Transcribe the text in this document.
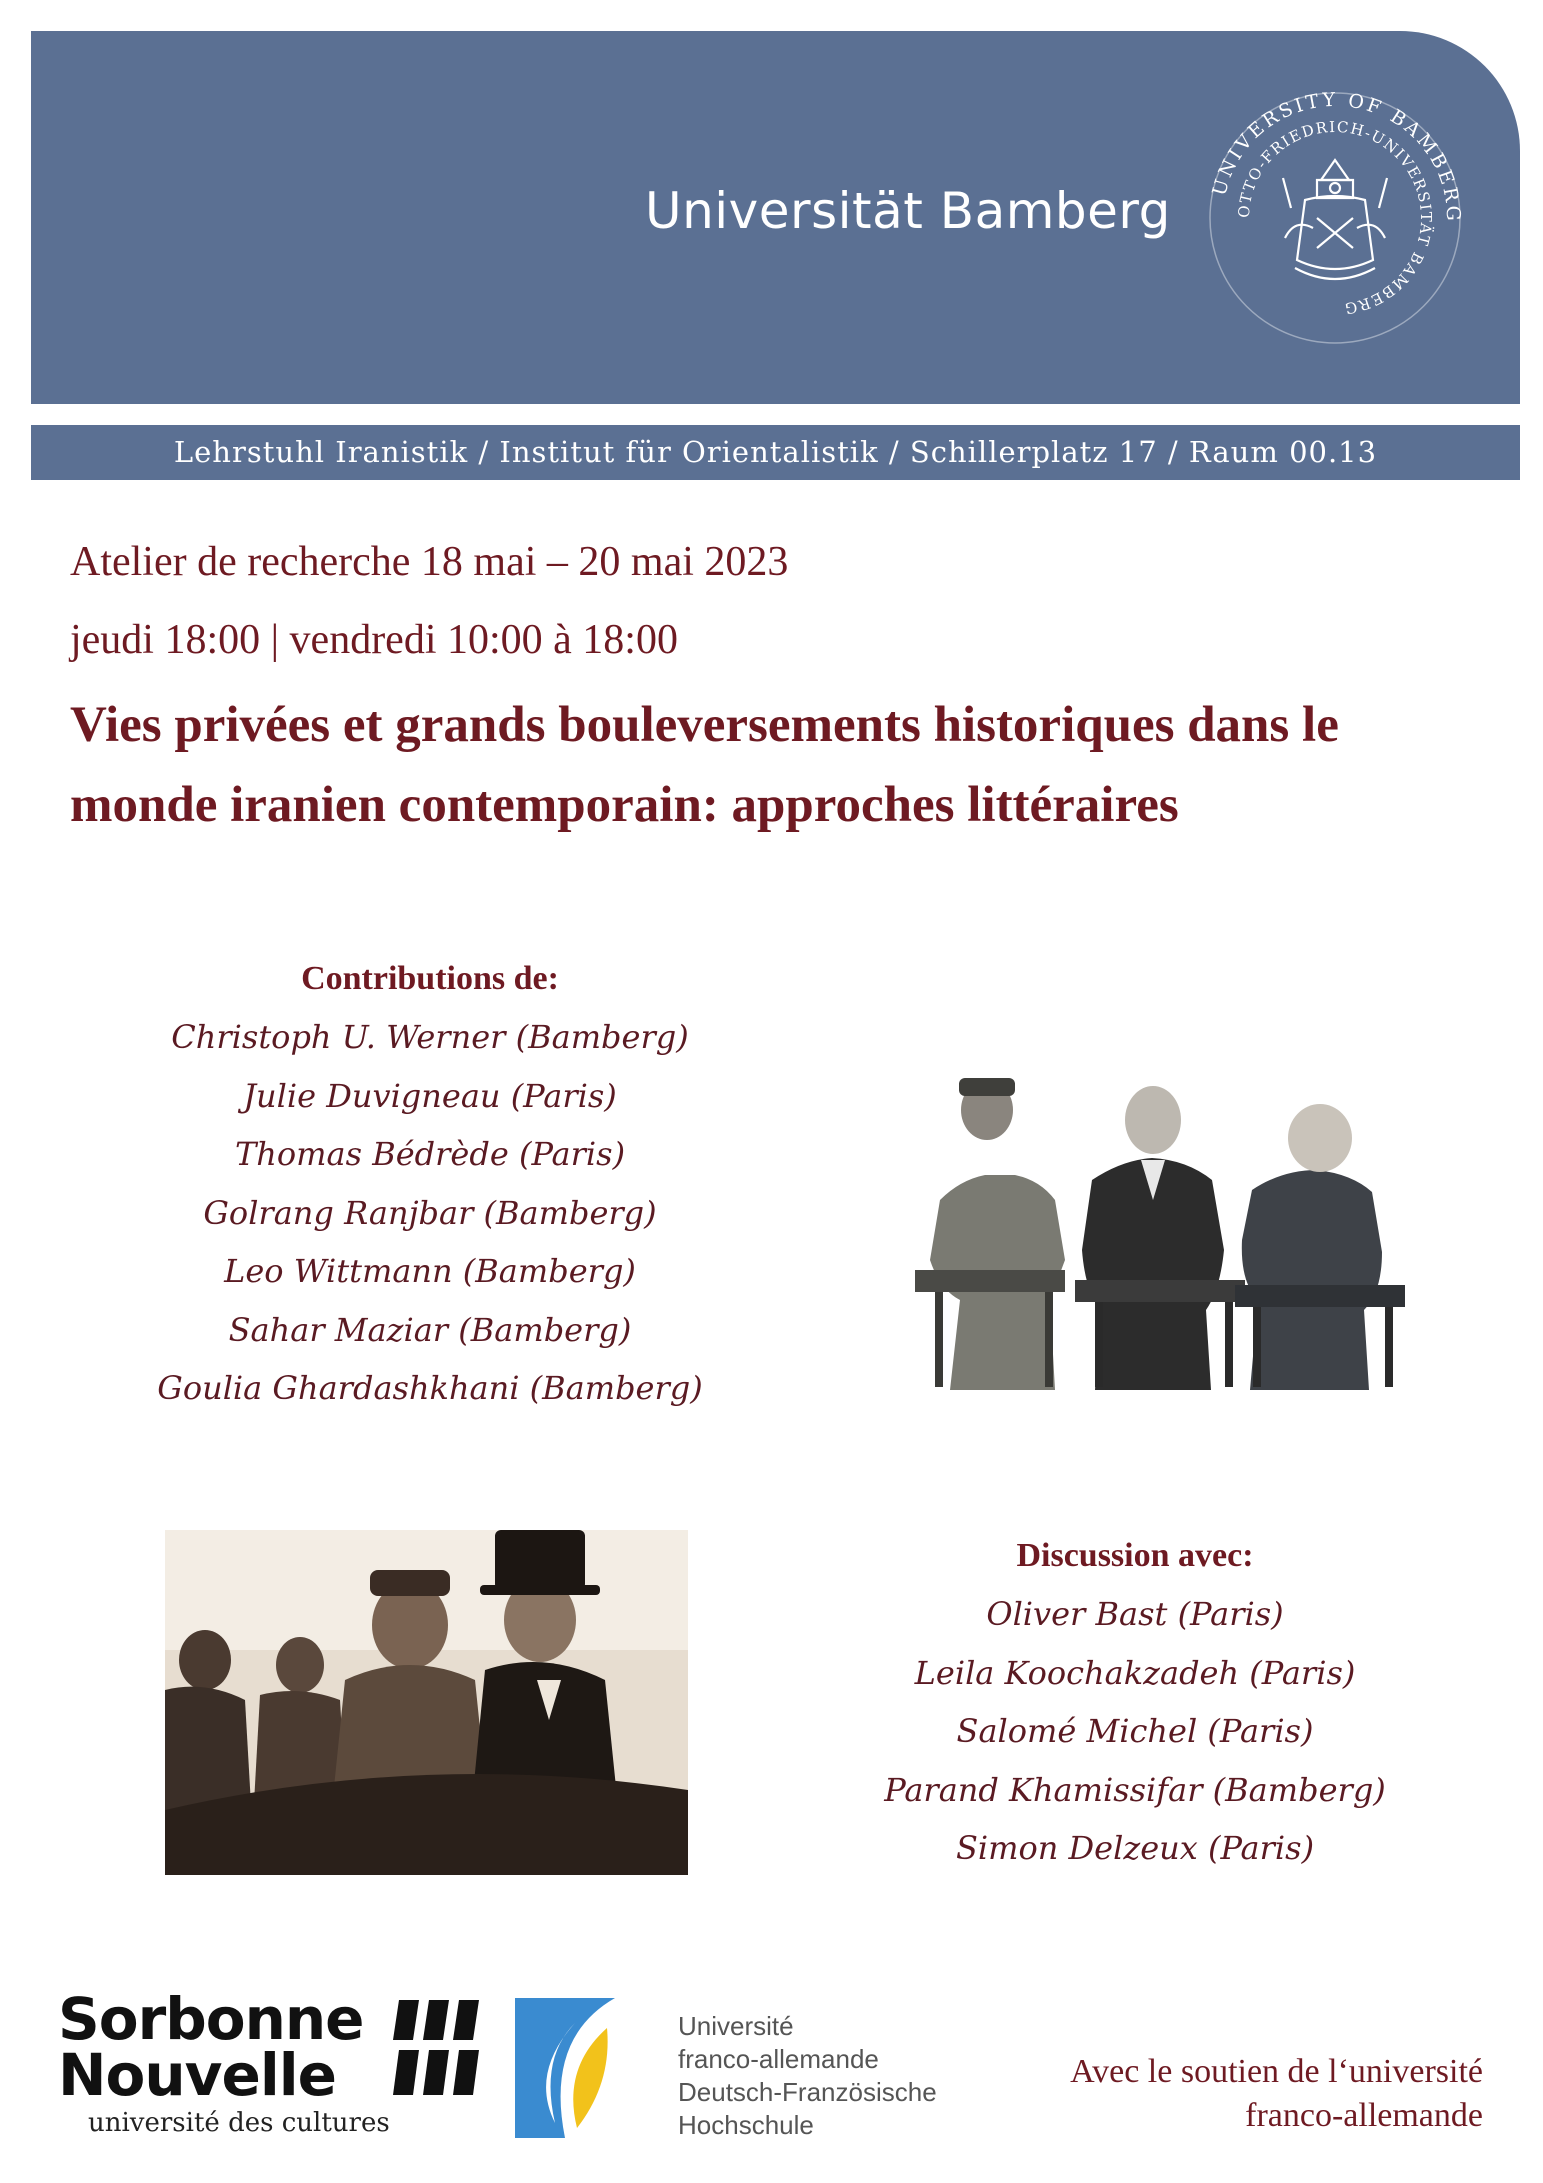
Universität Bamberg UNIVERSITY OF BAMBERG
OTTO-FRIEDRICH-UNIVERSITÄT BAMBERG
Lehrstuhl Iranistik / Institut für Orientalistik / Schillerplatz 17 / Raum 00.13
Atelier de recherche 18 mai – 20 mai 2023
jeudi 18:00 | vendredi 10:00 à 18:00
Vies privées et grands bouleversements historiques dans le monde iranien contemporain: approches littéraires
Contributions de:
Christoph U. Werner (Bamberg)
Julie Duvigneau (Paris)
Thomas Bédrède (Paris)
Golrang Ranjbar (Bamberg)
Leo Wittmann (Bamberg)
Sahar Maziar (Bamberg)
Goulia Ghardashkhani (Bamberg)
Discussion avec:
Oliver Bast (Paris)
Leila Koochakzadeh (Paris)
Salomé Michel (Paris)
Parand Khamissifar (Bamberg)
Simon Delzeux (Paris)
Sorbonne
Nouvelle
université des cultures
Université
franco-allemande
Deutsch-Französische
Hochschule
Avec le soutien de l‘université
franco-allemande
